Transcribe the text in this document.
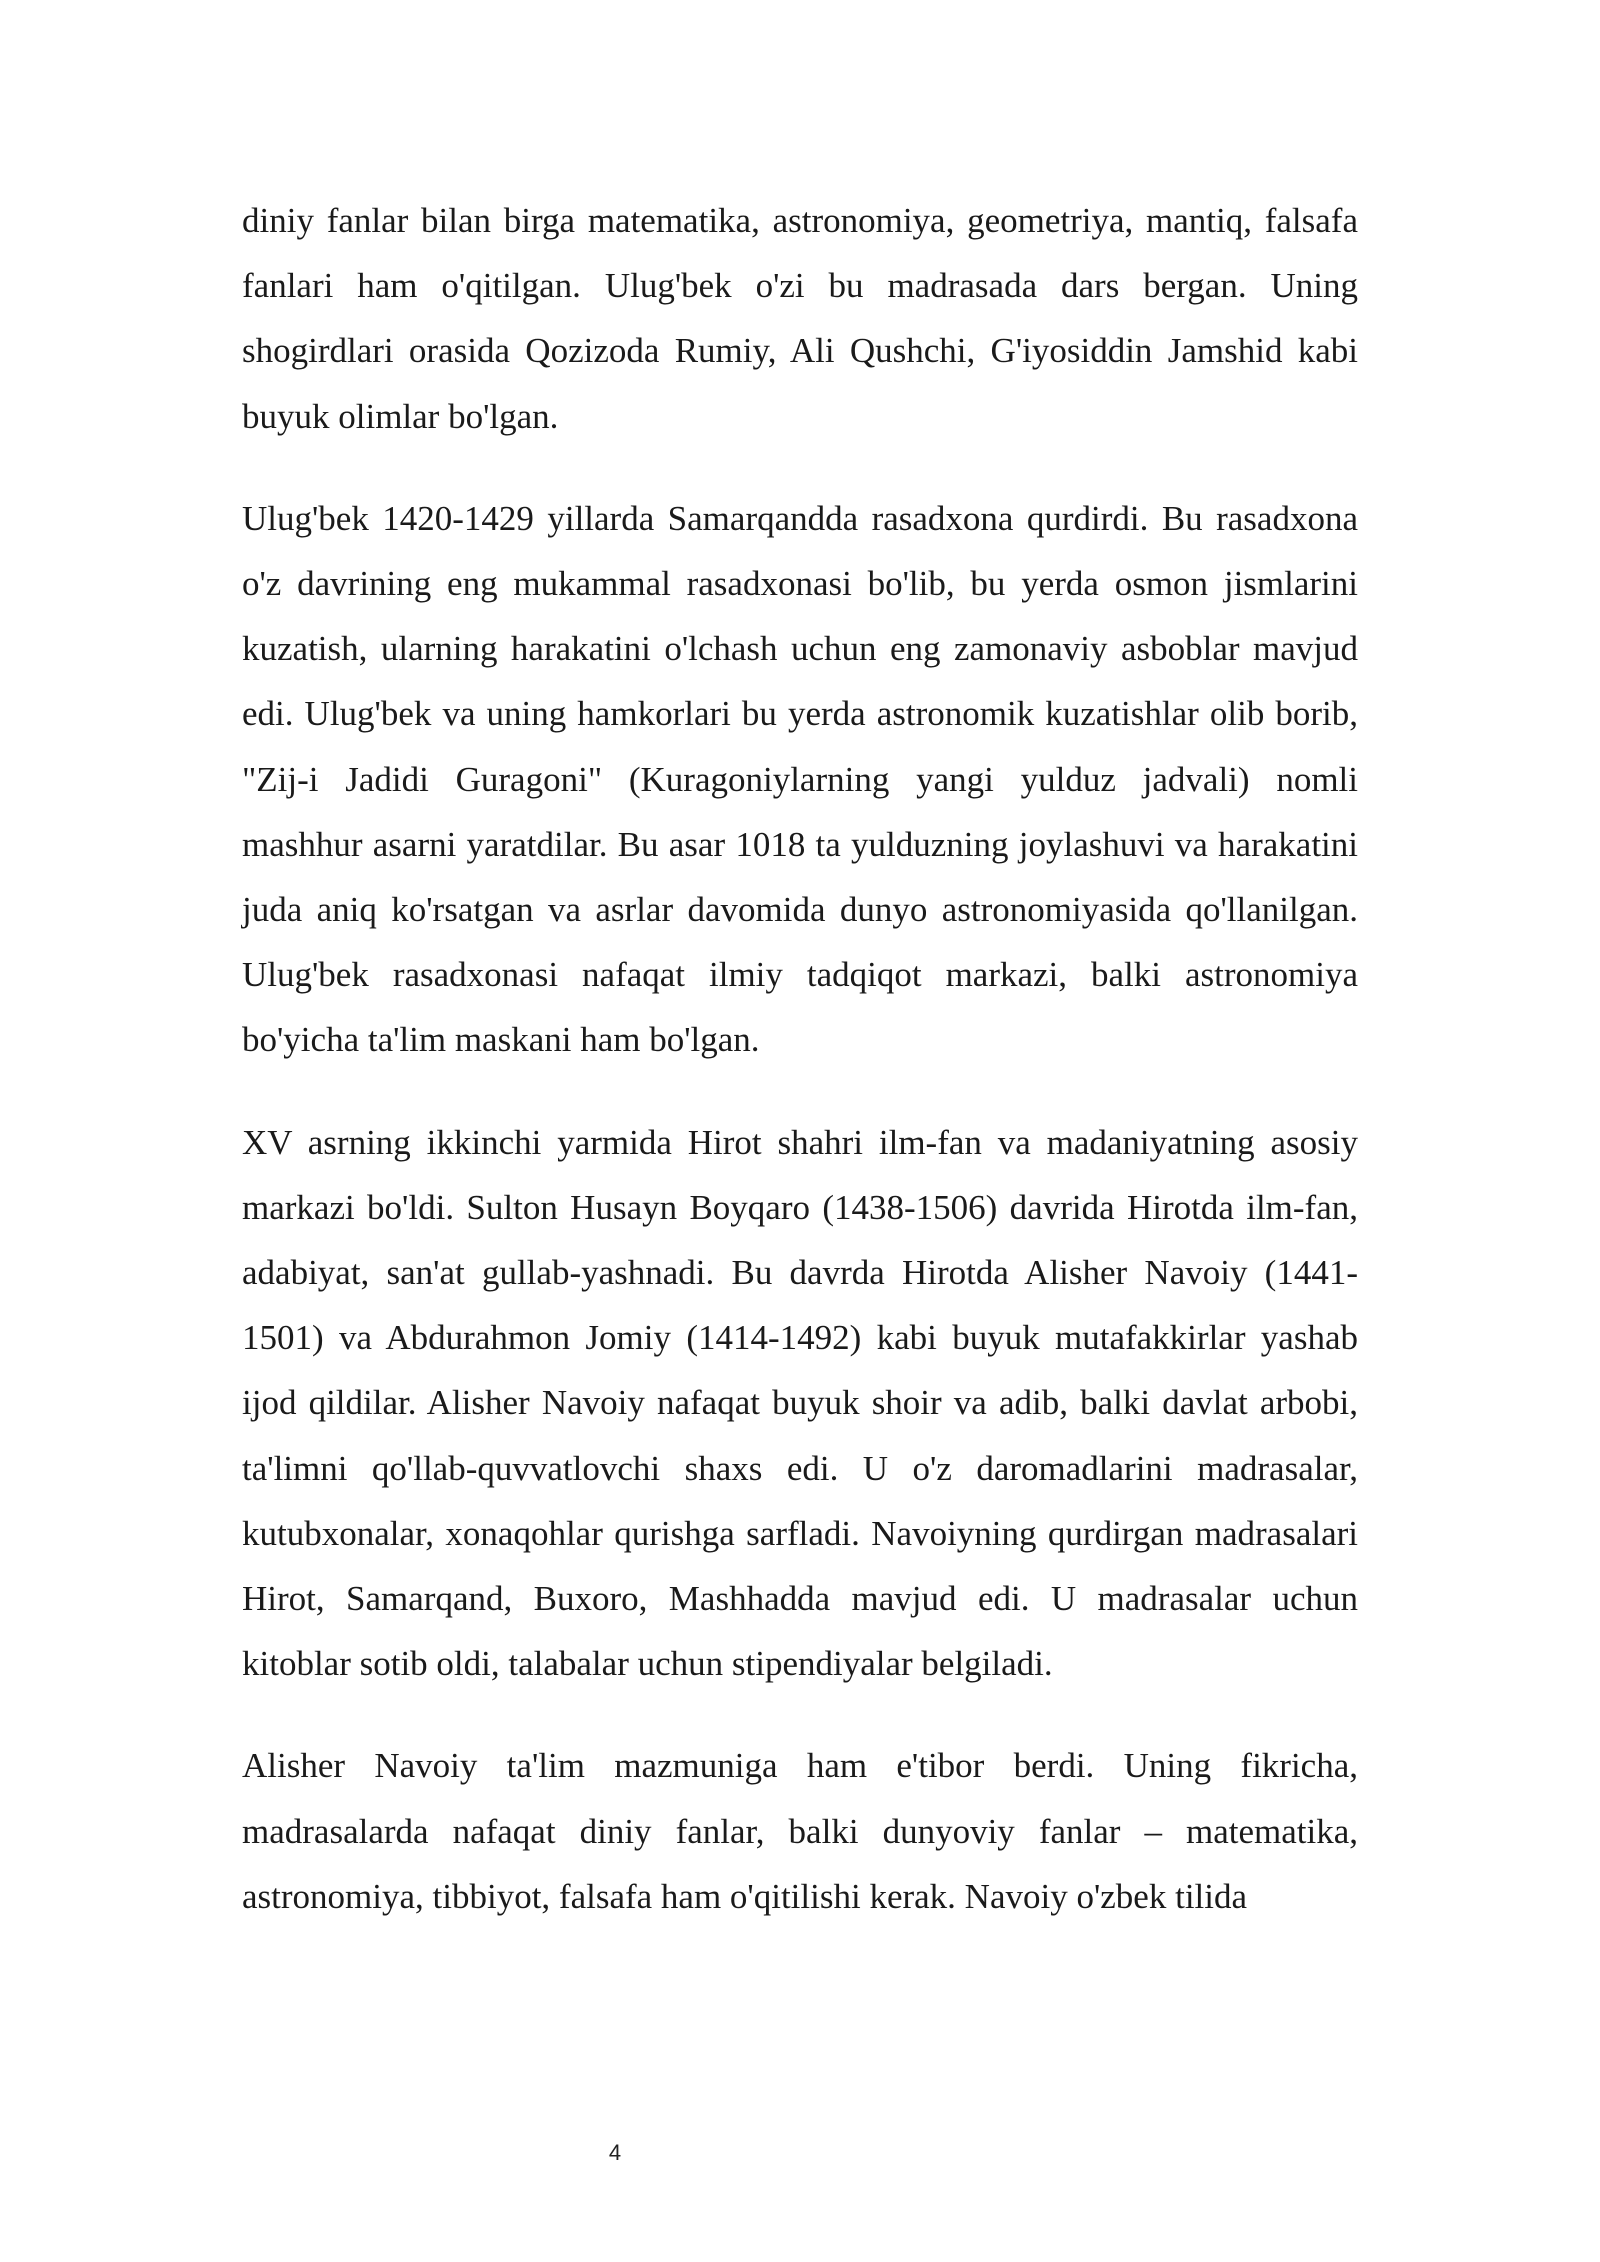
diniy fanlar bilan birga matematika, astronomiya, geometriya, mantiq, falsafa fanlari ham o'qitilgan. Ulug'bek o'zi bu madrasada dars bergan. Uning shogirdlari orasida Qozizoda Rumiy, Ali Qushchi, G'iyosiddin Jamshid kabi buyuk olimlar bo'lgan.

Ulug'bek 1420-1429 yillarda Samarqandda rasadxona qurdirdi. Bu rasadxona o'z davrining eng mukammal rasadxonasi bo'lib, bu yerda osmon jismlarini kuzatish, ularning harakatini o'lchash uchun eng zamonaviy asboblar mavjud edi. Ulug'bek va uning hamkorlari bu yerda astronomik kuzatishlar olib borib, "Zij-i Jadidi Guragoni" (Kuragoniylarning yangi yulduz jadvali) nomli mashhur asarni yaratdilar. Bu asar 1018 ta yulduzning joylashuvi va harakatini juda aniq ko'rsatgan va asrlar davomida dunyo astronomiyasida qo'llanilgan. Ulug'bek rasadxonasi nafaqat ilmiy tadqiqot markazi, balki astronomiya bo'yicha ta'lim maskani ham bo'lgan.

XV asrning ikkinchi yarmida Hirot shahri ilm-fan va madaniyatning asosiy markazi bo'ldi. Sulton Husayn Boyqaro (1438-1506) davrida Hirotda ilm-fan, adabiyat, san'at gullab-yashnadi. Bu davrda Hirotda Alisher Navoiy (1441-1501) va Abdurahmon Jomiy (1414-1492) kabi buyuk mutafakkirlar yashab ijod qildilar. Alisher Navoiy nafaqat buyuk shoir va adib, balki davlat arbobi, ta'limni qo'llab-quvvatlovchi shaxs edi. U o'z daromadlarini madrasalar, kutubxonalar, xonaqohlar qurishga sarfladi. Navoiyning qurdirgan madrasalari Hirot, Samarqand, Buxoro, Mashhadda mavjud edi. U madrasalar uchun kitoblar sotib oldi, talabalar uchun stipendiyalar belgiladi.

Alisher Navoiy ta'lim mazmuniga ham e'tibor berdi. Uning fikricha, madrasalarda nafaqat diniy fanlar, balki dunyoviy fanlar – matematika, astronomiya, tibbiyot, falsafa ham o'qitilishi kerak. Navoiy o'zbek tilida

4
